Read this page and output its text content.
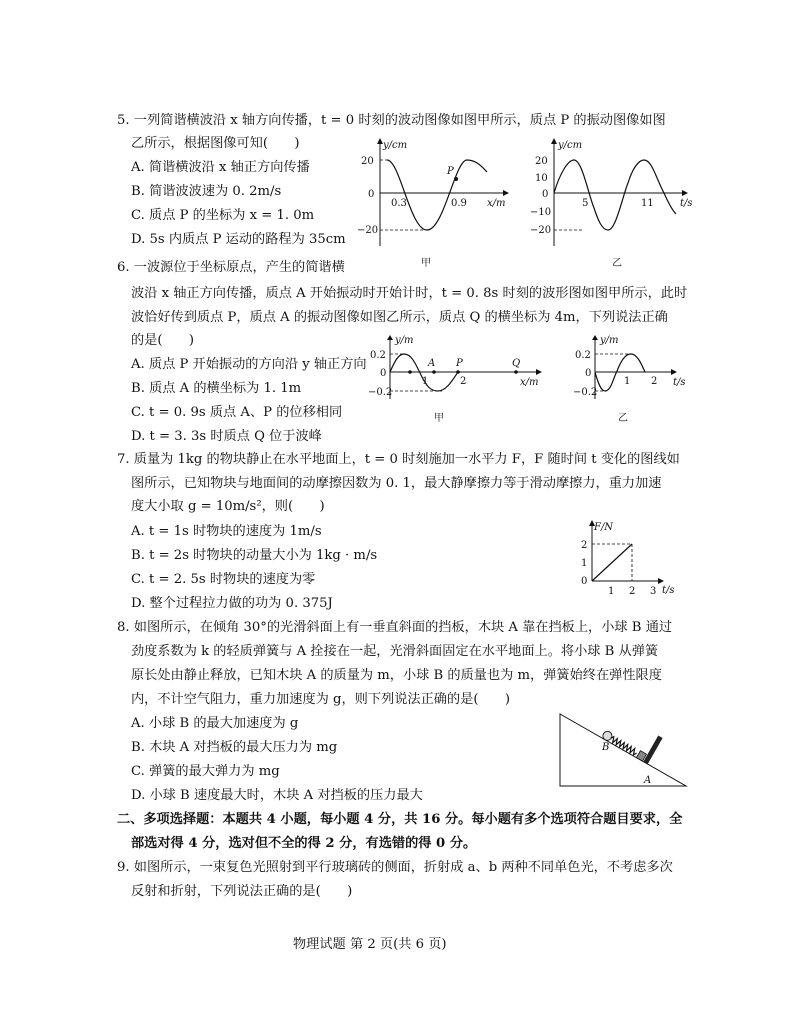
5. 一列简谐横波沿 x 轴方向传播，t = 0 时刻的波动图像如图甲所示，质点 P 的振动图像如图
乙所示，根据图像可知(　　)
A. 简谐横波沿 x 轴正方向传播
B. 简谐波波速为 0. 2m/s
C. 质点 P 的坐标为 x = 1. 0m
D. 5s 内质点 P 运动的路程为 35cm
y/cm
x/m
20
0
−20
0.3	0.9
P
甲
y/cm
t/s
20
10
0
−10
−20
5	11
乙
6. 一波源位于坐标原点，产生的简谐横
波沿 x 轴正方向传播，质点 A 开始振动时开始计时，t = 0. 8s 时刻的波形图如图甲所示，此时
波恰好传到质点 P，质点 A 的振动图像如图乙所示，质点 Q 的横坐标为 4m，下列说法正确
的是(　　)
A. 质点 P 开始振动的方向沿 y 轴正方向
B. 质点 A 的横坐标为 1. 1m
C. t = 0. 9s 质点 A、P 的位移相同
D. t = 3. 3s 时质点 Q 位于波峰
y/m
x/m
0.2
0
−0.2
1	2
A P	Q
甲
y/m
t/s
0.2
0
−0.2
1 2
乙
7. 质量为 1kg 的物块静止在水平地面上，t = 0 时刻施加一水平力 F，F 随时间 t 变化的图线如
图所示，已知物块与地面间的动摩擦因数为 0. 1，最大静摩擦力等于滑动摩擦力，重力加速
度大小取 g = 10m/s²，则(　　)
A. t = 1s 时物块的速度为 1m/s
B. t = 2s 时物块的动量大小为 1kg · m/s
C. t = 2. 5s 时物块的速度为零
D. 整个过程拉力做的功为 0. 375J
F/N
t/s
2
1
0
1 2 3
8. 如图所示，在倾角 30°的光滑斜面上有一垂直斜面的挡板，木块 A 靠在挡板上，小球 B 通过
劲度系数为 k 的轻质弹簧与 A 拴接在一起，光滑斜面固定在水平地面上。将小球 B 从弹簧
原长处由静止释放，已知木块 A 的质量为 m，小球 B 的质量也为 m，弹簧始终在弹性限度
内，不计空气阻力，重力加速度为 g，则下列说法正确的是(　　)
A. 小球 B 的最大加速度为 g
B. 木块 A 对挡板的最大压力为 mg
C. 弹簧的最大弹力为 mg
D. 小球 B 速度最大时，木块 A 对挡板的压力最大
B
A
二、多项选择题：本题共 4 小题，每小题 4 分，共 16 分。每小题有多个选项符合题目要求，全
部选对得 4 分，选对但不全的得 2 分，有选错的得 0 分。
9. 如图所示，一束复色光照射到平行玻璃砖的侧面，折射成 a、b 两种不同单色光，不考虑多次
反射和折射，下列说法正确的是(　　)
物理试题 第 2 页(共 6 页)
